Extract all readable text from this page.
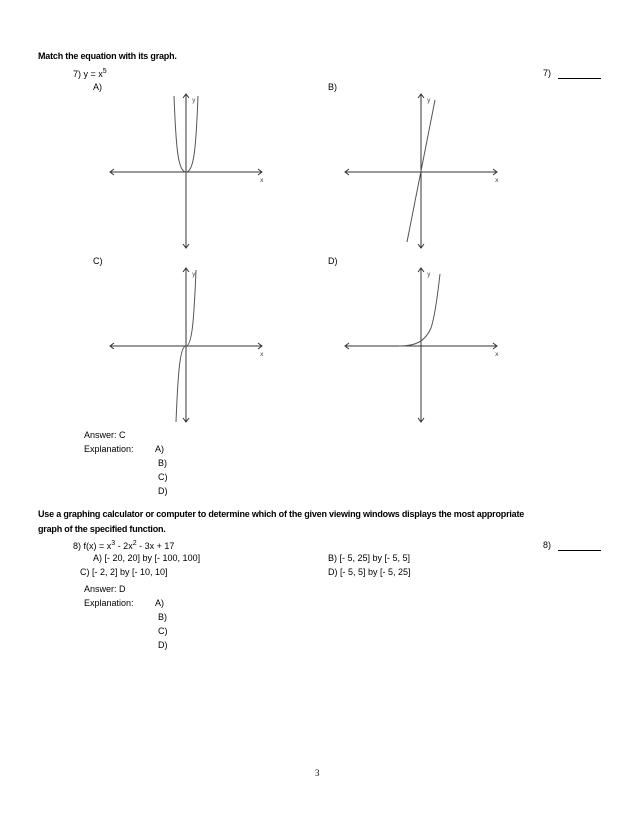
Match the equation with its graph.
7) $y = x^5$	7)
A)	B)
C)	D)
x
y
x
y
x
y
x
y
Answer: C
Explanation: A)
B)
C)
D)
Use a graphing calculator or computer to determine which of the given viewing windows displays the most appropriate
graph of the specified function.
8) $f(x) = x^3 - 2x^2 - 3x + 17$	8)
A) [- 20, 20] by [- 100, 100]	B) [- 5, 25] by [- 5, 5]
C) [- 2, 2] by [- 10, 10]	D) [- 5, 5] by [- 5, 25]
Answer: D
Explanation: A)
B)
C)
D)
3
